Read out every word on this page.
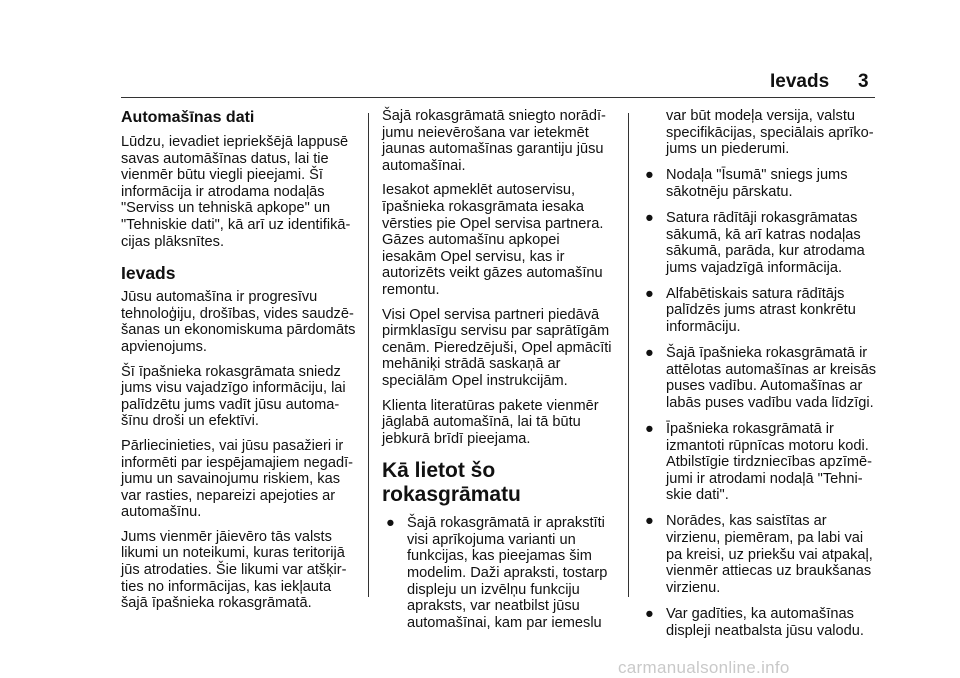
Ievads 3
Automašīnas dati

Lūdzu, ievadiet iepriekšējā lappusē savas automāšīnas datus, lai tie vienmēr būtu viegli pieejami. Šī informācija ir atrodama nodaļās "Serviss un tehniskā apkope" un "Tehniskie dati", kā arī uz identifikā-cijas plāksnītes.

Ievads

Jūsu automašīna ir progresīvu tehnoloģiju, drošības, vides saudzē-šanas un ekonomiskuma pārdomāts apvienojums.

Šī īpašnieka rokasgrāmata sniedz jums visu vajadzīgo informāciju, lai palīdzētu jums vadīt jūsu automa-šīnu droši un efektīvi.

Pārliecinieties, vai jūsu pasažieri ir informēti par iespējamajiem negadī-jumu un savainojumu riskiem, kas var rasties, nepareizi apejoties ar automašīnu.

Jums vienmēr jāievēro tās valsts likumi un noteikumi, kuras teritorijā jūs atrodaties. Šie likumi var atšķir-ties no informācijas, kas iekļauta šajā īpašnieka rokasgrāmatā.

Šajā rokasgrāmatā sniegto norādī-jumu neievērošana var ietekmēt jaunas automašīnas garantiju jūsu automašīnai.

Iesakot apmeklēt autoservisu, īpašnieka rokasgrāmata iesaka vērsties pie Opel servisa partnera. Gāzes automašīnu apkopei iesakām Opel servisu, kas ir autorizēts veikt gāzes automašīnu remontu.

Visi Opel servisa partneri piedāvā pirmklasīgu servisu par saprātīgām cenām. Pieredzējuši, Opel apmācīti mehāniķi strādā saskaņā ar speciālām Opel instrukcijām.

Klienta literatūras pakete vienmēr jāglabā automašīnā, lai tā būtu jebkurā brīdī pieejama.

Kā lietot šo rokasgrāmatu
● Šajā rokasgrāmatā ir aprakstīti visi aprīkojuma varianti un funkcijas, kas pieejamas šim modelim. Daži apraksti, tostarp displeju un izvēlņu funkciju apraksts, var neatbilst jūsu automašīnai, kam par iemeslu
var būt modeļa versija, valstu specifikācijas, speciālais aprīko-jums un piederumi.
● Nodaļa "Īsumā" sniegs jums sākotnēju pārskatu.
● Satura rādītāji rokasgrāmatas sākumā, kā arī katras nodaļas sākumā, parāda, kur atrodama jums vajadzīgā informācija.
● Alfabētiskais satura rādītājs palīdzēs jums atrast konkrētu informāciju.
● Šajā īpašnieka rokasgrāmatā ir attēlotas automašīnas ar kreisās puses vadību. Automašīnas ar labās puses vadību vada līdzīgi.
● Īpašnieka rokasgrāmatā ir izmantoti rūpnīcas motoru kodi. Atbilstīgie tirdzniecības apzīmē-jumi ir atrodami nodaļā "Tehni-skie dati".
● Norādes, kas saistītas ar virzienu, piemēram, pa labi vai pa kreisi, uz priekšu vai atpakaļ, vienmēr attiecas uz braukšanas virzienu.
● Var gadīties, ka automašīnas displeji neatbalsta jūsu valodu.
carmanualsonline.info
